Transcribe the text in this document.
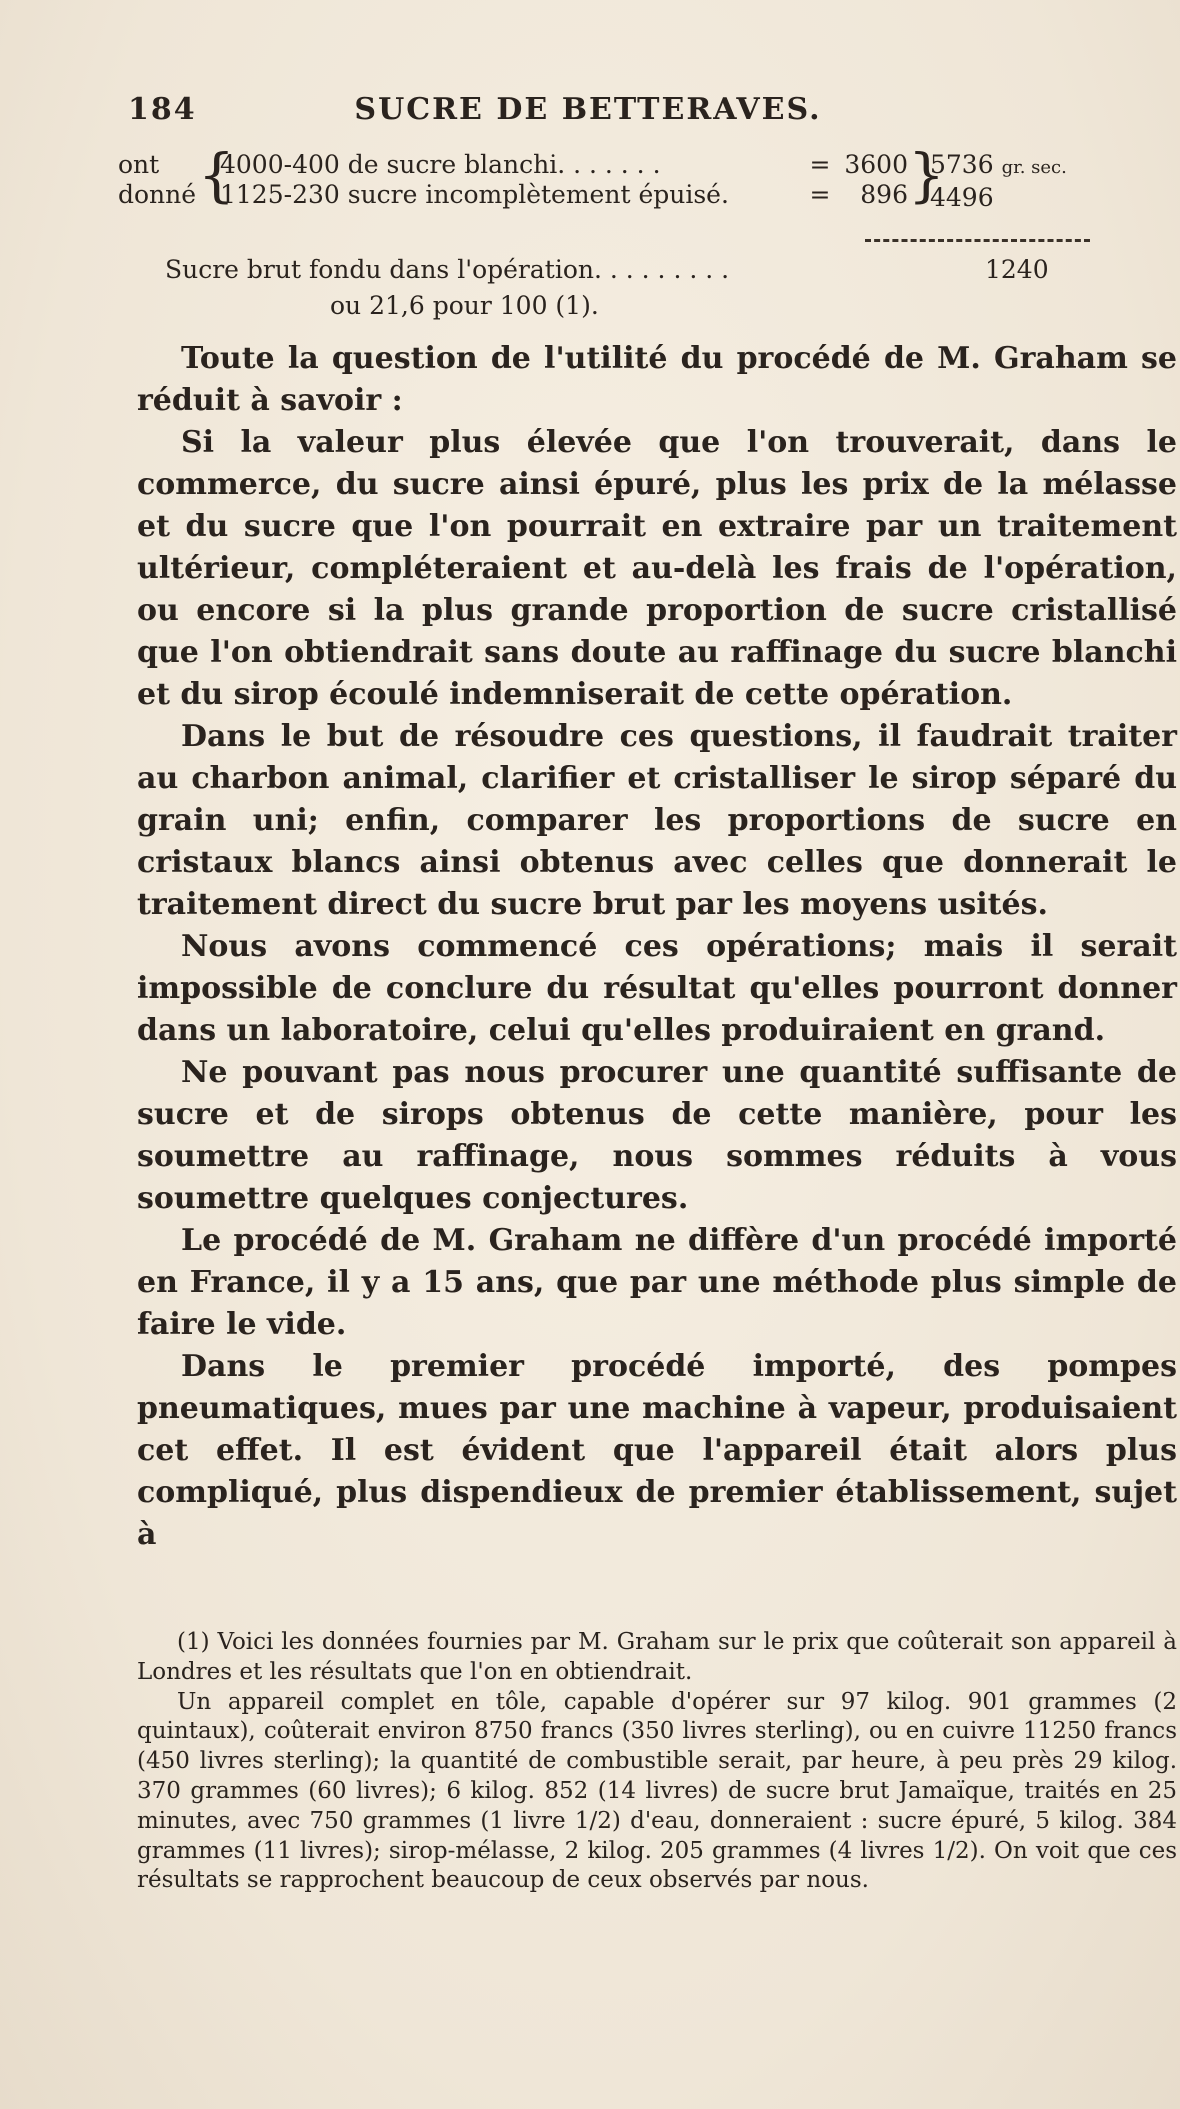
184	SUCRE DE BETTERAVES.
ont
donné {
4000-400 de sucre blanchi. . . . . . .
1125-230 sucre incomplètement épuisé.
=
=
3600
896 }
5736 gr. sec.
4496
Sucre brut fondu dans l'opération. . . . . . . . .	1240
ou 21,6 pour 100 (1).

Toute la question de l'utilité du procédé de M. Graham se réduit à savoir :

Si la valeur plus élevée que l'on trouverait, dans le commerce, du sucre ainsi épuré, plus les prix de la mélasse et du sucre que l'on pourrait en extraire par un traitement ultérieur, compléteraient et au-delà les frais de l'opération, ou encore si la plus grande proportion de sucre cristallisé que l'on obtiendrait sans doute au raffinage du sucre blanchi et du sirop écoulé indemniserait de cette opération.

Dans le but de résoudre ces questions, il faudrait traiter au charbon animal, clarifier et cristalliser le sirop séparé du grain uni; enfin, comparer les proportions de sucre en cristaux blancs ainsi obtenus avec celles que donnerait le traitement direct du sucre brut par les moyens usités.

Nous avons commencé ces opérations; mais il serait impossible de conclure du résultat qu'elles pourront donner dans un laboratoire, celui qu'elles produiraient en grand.

Ne pouvant pas nous procurer une quantité suffisante de sucre et de sirops obtenus de cette manière, pour les soumettre au raffinage, nous sommes réduits à vous soumettre quelques conjectures.

Le procédé de M. Graham ne diffère d'un procédé importé en France, il y a 15 ans, que par une méthode plus simple de faire le vide.

Dans le premier procédé importé, des pompes pneumatiques, mues par une machine à vapeur, produisaient cet effet. Il est évident que l'appareil était alors plus compliqué, plus dispendieux de premier établissement, sujet à

(1) Voici les données fournies par M. Graham sur le prix que coûterait son appareil à Londres et les résultats que l'on en obtiendrait.

Un appareil complet en tôle, capable d'opérer sur 97 kilog. 901 grammes (2 quintaux), coûterait environ 8750 francs (350 livres sterling), ou en cuivre 11250 francs (450 livres sterling); la quantité de combustible serait, par heure, à peu près 29 kilog. 370 grammes (60 livres); 6 kilog. 852 (14 livres) de sucre brut Jamaïque, traités en 25 minutes, avec 750 grammes (1 livre 1/2) d'eau, donneraient : sucre épuré, 5 kilog. 384 grammes (11 livres); sirop-mélasse, 2 kilog. 205 grammes (4 livres 1/2). On voit que ces résultats se rapprochent beaucoup de ceux observés par nous.
